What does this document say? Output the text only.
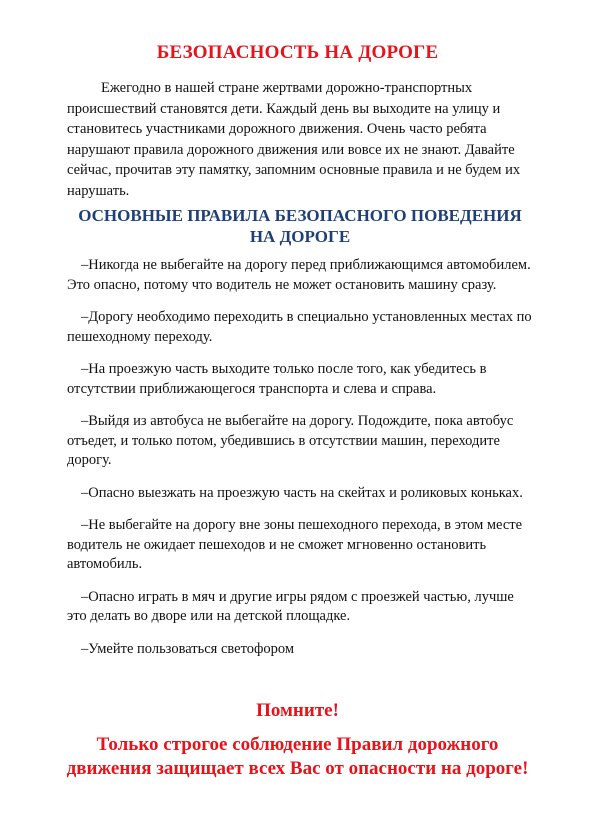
БЕЗОПАСНОСТЬ НА ДОРОГЕ
Ежегодно в нашей стране жертвами дорожно-транспортных происшествий становятся дети. Каждый день вы выходите на улицу и становитесь участниками дорожного движения. Очень часто ребята нарушают правила дорожного движения или вовсе их не знают. Давайте сейчас, прочитав эту памятку, запомним основные правила и не будем их нарушать.
ОСНОВНЫЕ ПРАВИЛА БЕЗОПАСНОГО ПОВЕДЕНИЯ
НА ДОРОГЕ
–Никогда не выбегайте на дорогу перед приближающимся автомобилем. Это опасно, потому что водитель не может остановить машину сразу.
–Дорогу необходимо переходить в специально установленных местах по пешеходному переходу.
–На проезжую часть выходите только после того, как убедитесь в отсутствии приближающегося транспорта и слева и справа.
–Выйдя из автобуса не выбегайте на дорогу. Подождите, пока автобус отъедет, и только потом, убедившись в отсутствии машин, переходите дорогу.
–Опасно выезжать на проезжую часть на скейтах и роликовых коньках.
–Не выбегайте на дорогу вне зоны пешеходного перехода, в этом месте водитель не ожидает пешеходов и не сможет мгновенно остановить автомобиль.
–Опасно играть в мяч и другие игры рядом с проезжей частью, лучше это делать во дворе или на детской площадке.
–Умейте пользоваться светофором
Помните!
Только строгое соблюдение Правил дорожного
движения защищает всех Вас от опасности на дороге!
